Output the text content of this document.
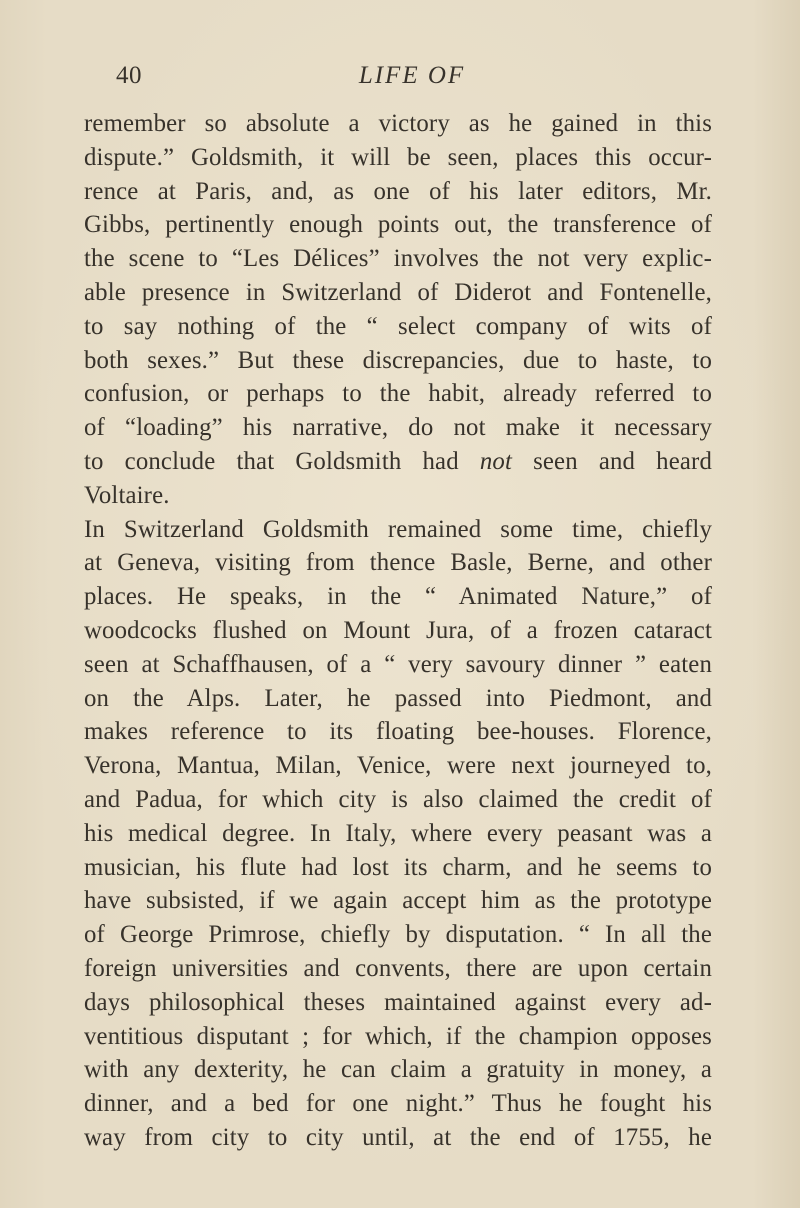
40	LIFE OF
remember so absolute a victory as he gained in this
dispute.” Goldsmith, it will be seen, places this occur-
rence at Paris, and, as one of his later editors, Mr.
Gibbs, pertinently enough points out, the transference of
the scene to “Les Délices” involves the not very explic-
able presence in Switzerland of Diderot and Fontenelle,
to say nothing of the “ select company of wits of
both sexes.” But these discrepancies, due to haste, to
confusion, or perhaps to the habit, already referred to
of “loading” his narrative, do not make it necessary
to conclude that Goldsmith had not seen and heard
Voltaire.
In Switzerland Goldsmith remained some time, chiefly
at Geneva, visiting from thence Basle, Berne, and other
places. He speaks, in the “ Animated Nature,” of
woodcocks flushed on Mount Jura, of a frozen cataract
seen at Schaffhausen, of a “ very savoury dinner ” eaten
on the Alps. Later, he passed into Piedmont, and
makes reference to its floating bee-houses. Florence,
Verona, Mantua, Milan, Venice, were next journeyed to,
and Padua, for which city is also claimed the credit of
his medical degree. In Italy, where every peasant was a
musician, his flute had lost its charm, and he seems to
have subsisted, if we again accept him as the prototype
of George Primrose, chiefly by disputation. “ In all the
foreign universities and convents, there are upon certain
days philosophical theses maintained against every ad-
ventitious disputant ; for which, if the champion opposes
with any dexterity, he can claim a gratuity in money, a
dinner, and a bed for one night.” Thus he fought his
way from city to city until, at the end of 1755, he
